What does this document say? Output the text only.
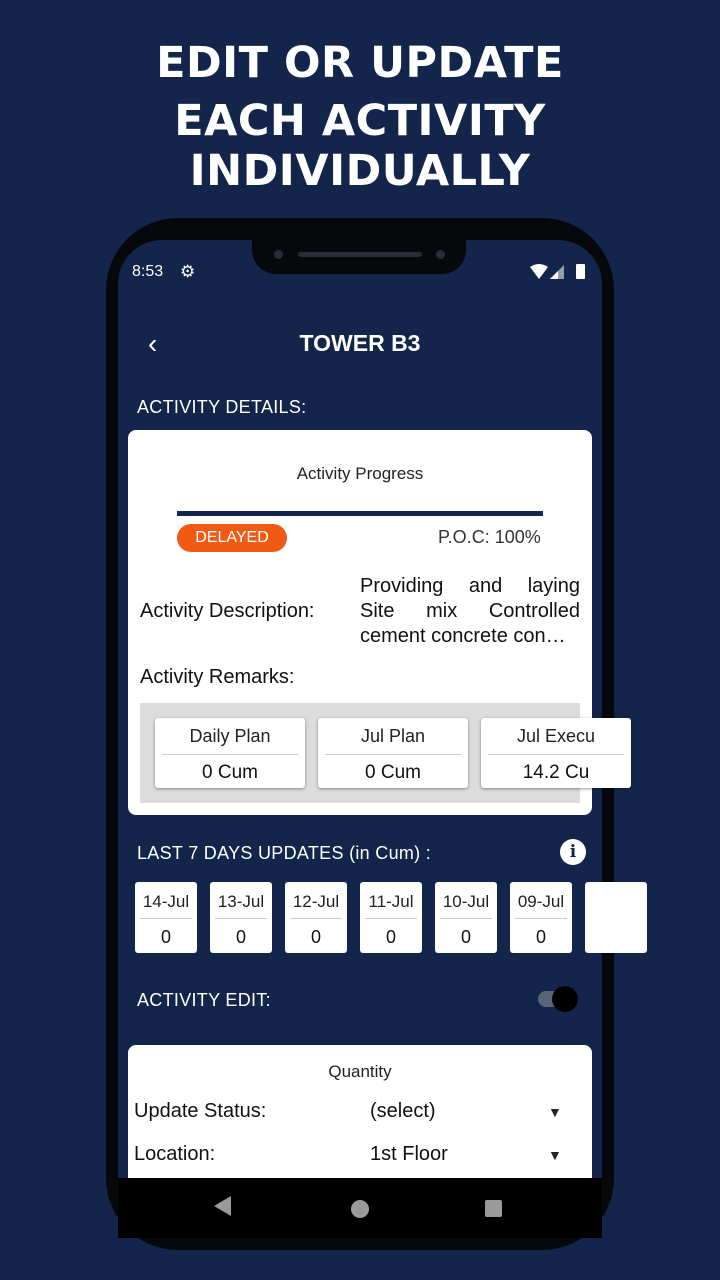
EDIT OR UPDATE
EACH ACTIVITY INDIVIDUALLY
8:53 ⚙
‹	TOWER B3
ACTIVITY DETAILS:
Activity Progress
DELAYED	P.O.C: 100%
Activity Description:
Providing and laying Site mix Controlled cement concrete con…
Activity Remarks:
Daily Plan
0 Cum
Jul Plan
0 Cum
Jul Execu
14.2 Cu
LAST 7 DAYS UPDATES (in Cum) :	i
14-Jul
0
13-Jul
0
12-Jul
0
11-Jul
0
10-Jul
0
09-Jul
0
ACTIVITY EDIT:
Quantity
Update Status:	(select)	▼
Location:	1st Floor	▼
